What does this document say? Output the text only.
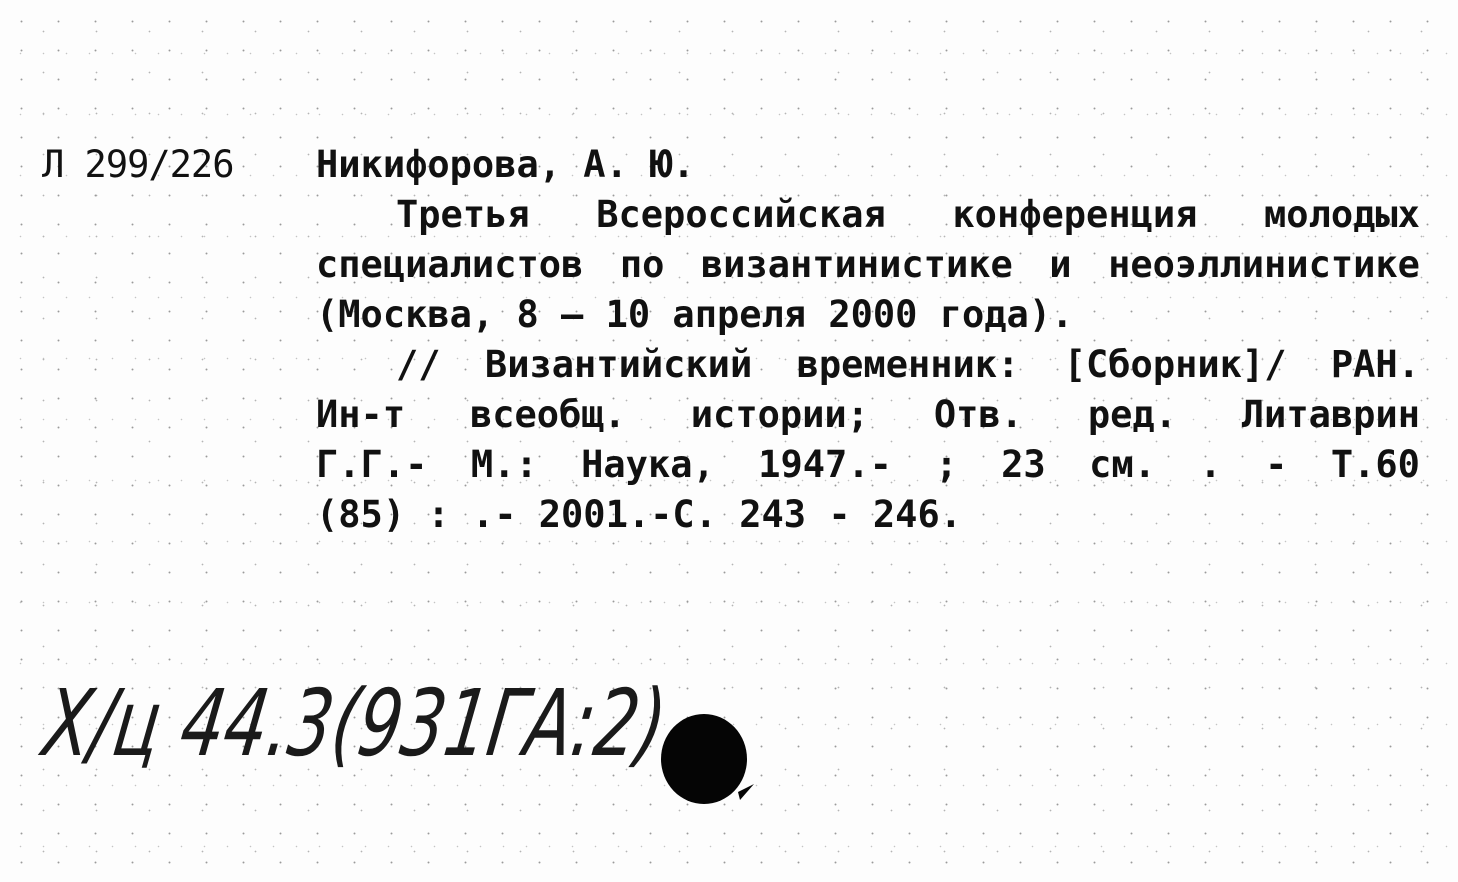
Л 299/226 Никифорова, А. Ю.
Третья Всероссийская конференция молодых
специалистов по византинистике и неоэллинистике
(Москва, 8 – 10 апреля 2000 года).
// Византийский временник: [Сборник]/ РАН.
Ин-т всеобщ. истории; Отв. ред. Литаврин
Г.Г.- М.: Наука, 1947.- ; 23 см. . - Т.60
(85) : .- 2001.-С. 243 - 246.
Х/ц 44.3(931ГА:2)
